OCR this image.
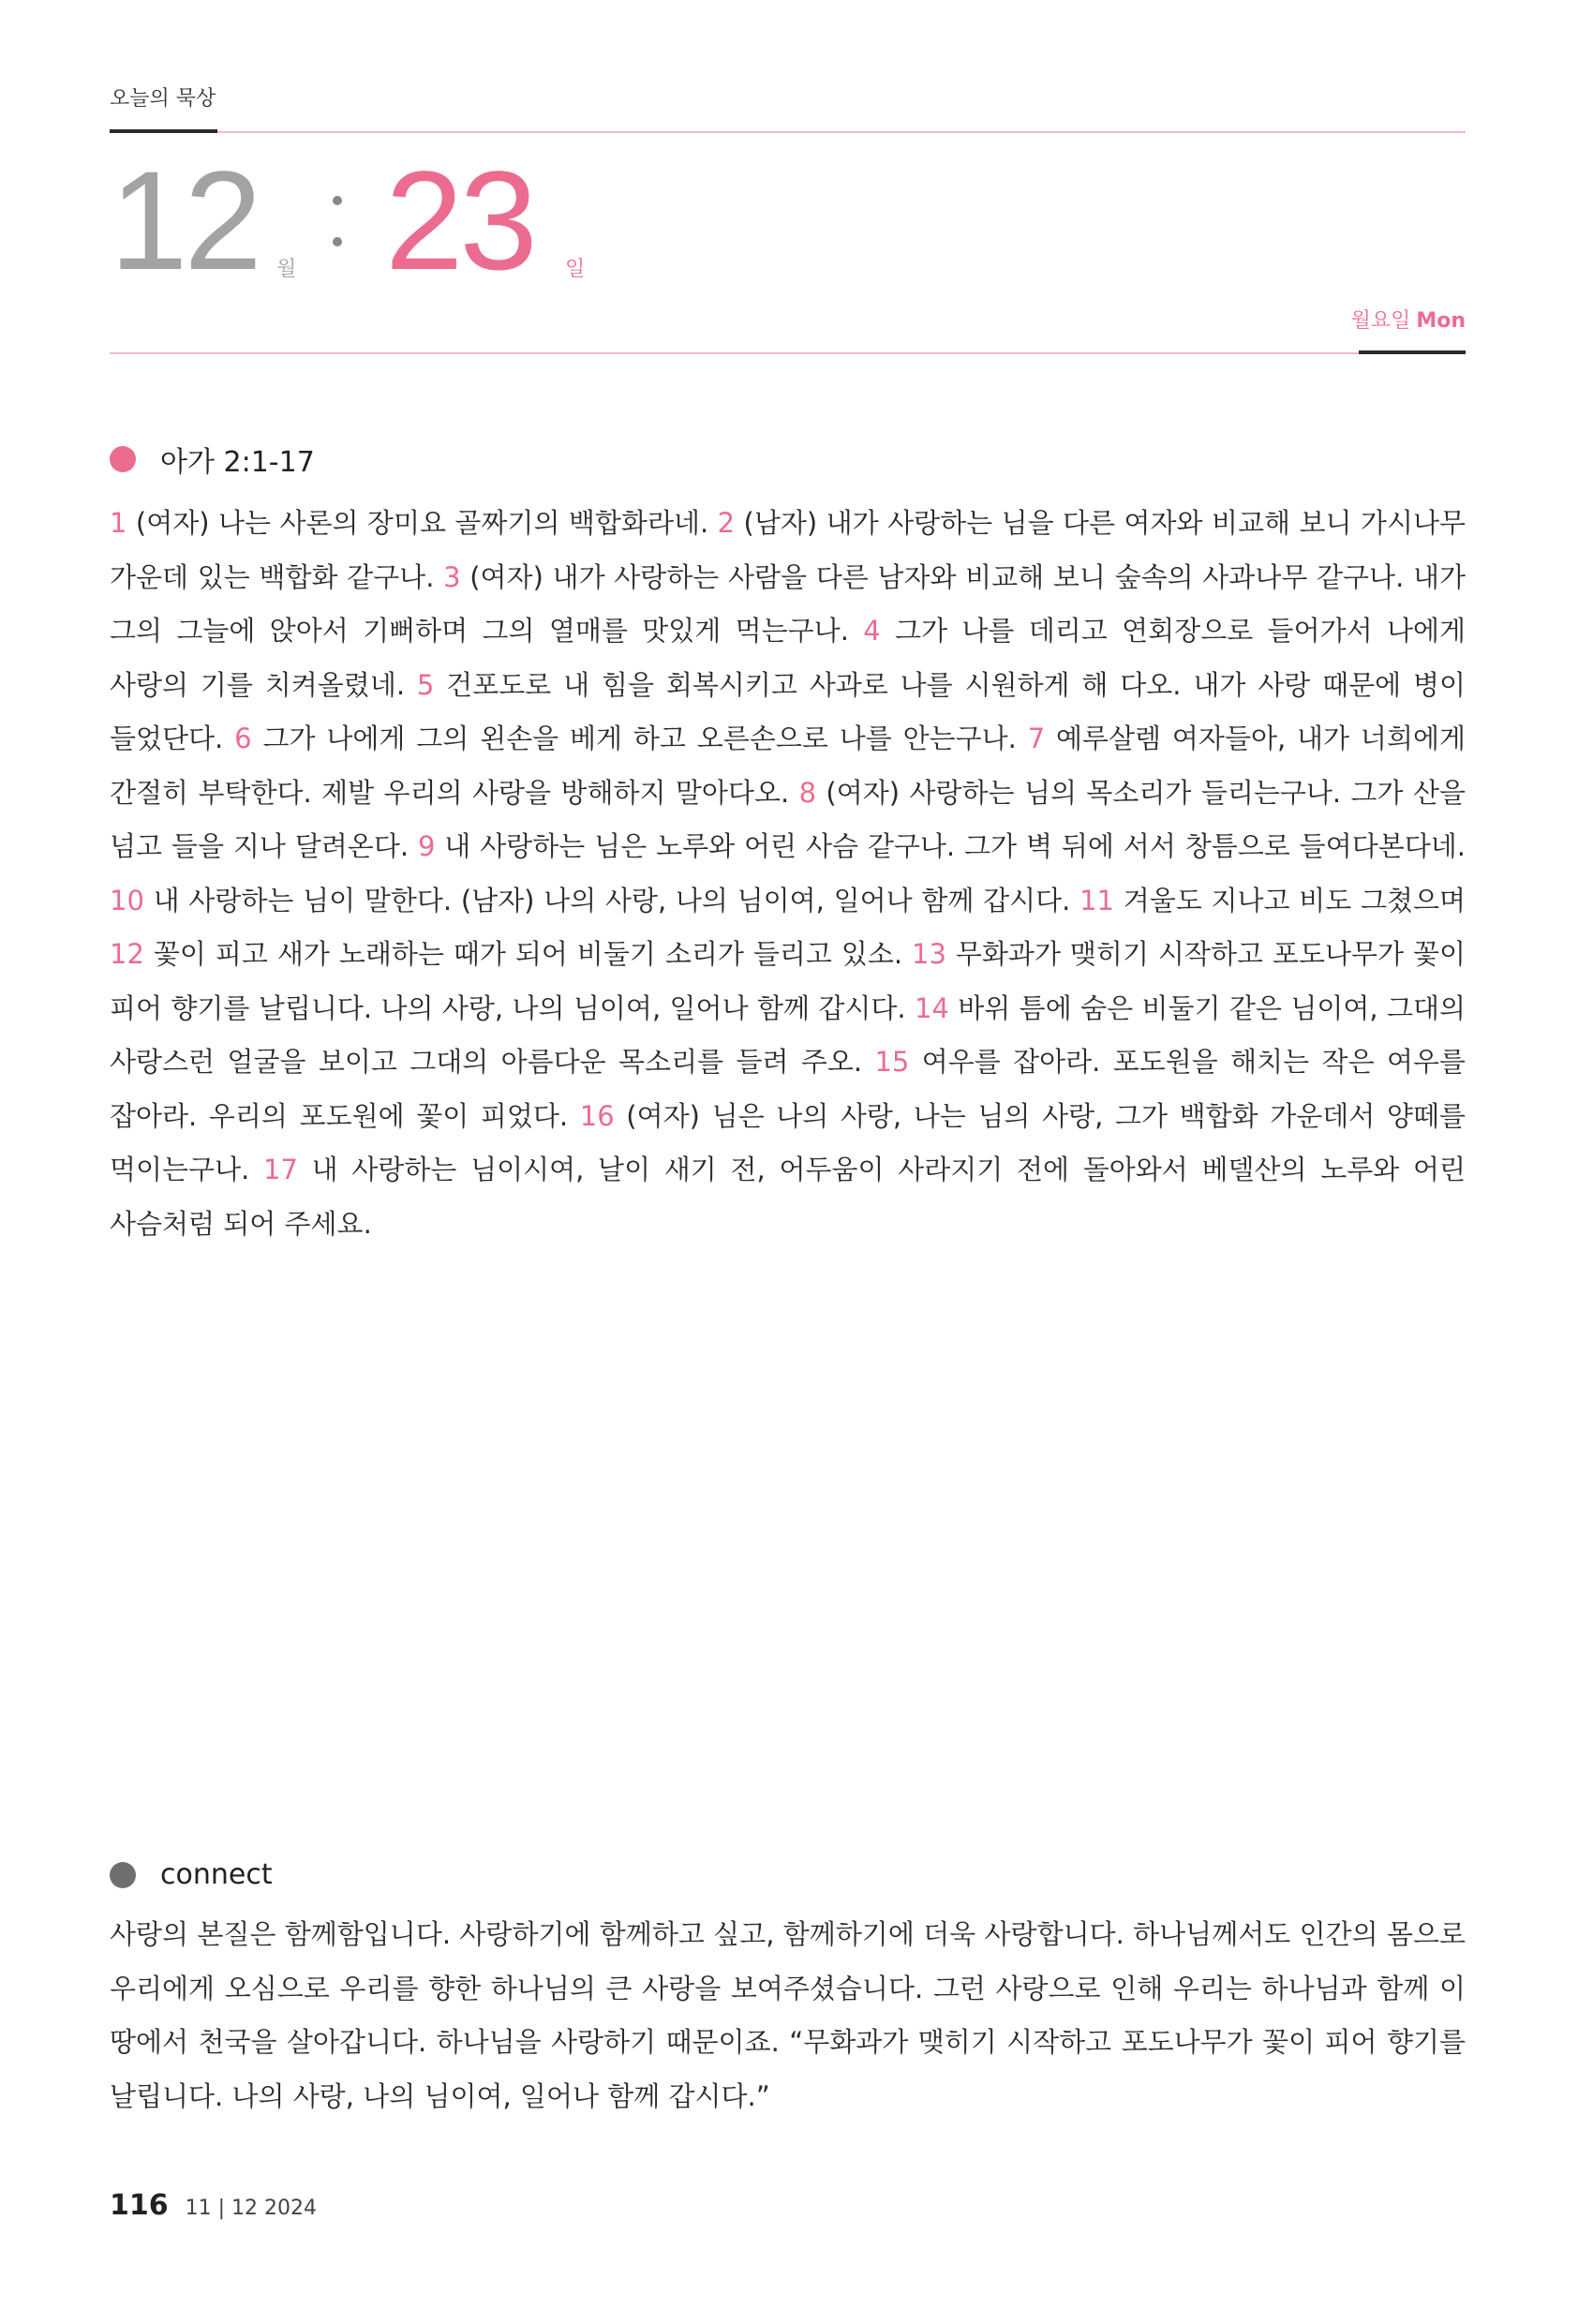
오늘의 묵상
12 월 23 일
월요일 Mon
아가 2:1-17
1 (여자) 나는 사론의 장미요 골짜기의 백합화라네. 2 (남자) 내가 사랑하는 님을 다른 여자와 비교해 보니 가시나무 가운데 있는 백합화 같구나. 3 (여자) 내가 사랑하는 사람을 다른 남자와 비교해 보니 숲속의 사과나무 같구나. 내가 그의 그늘에 앉아서 기뻐하며 그의 열매를 맛있게 먹는구나. 4 그가 나를 데리고 연회장으로 들어가서 나에게 사랑의 기를 치켜올렸네. 5 건포도로 내 힘을 회복시키고 사과로 나를 시원하게 해 다오. 내가 사랑 때문에 병이 들었단다. 6 그가 나에게 그의 왼손을 베게 하고 오른손으로 나를 안는구나. 7 예루살렘 여자들아, 내가 너희에게 간절히 부탁한다. 제발 우리의 사랑을 방해하지 말아다오. 8 (여자) 사랑하는 님의 목소리가 들리는구나. 그가 산을 넘고 들을 지나 달려온다. 9 내 사랑하는 님은 노루와 어린 사슴 같구나. 그가 벽 뒤에 서서 창틈으로 들여다본다네. 10 내 사랑하는 님이 말한다. (남자) 나의 사랑, 나의 님이여, 일어나 함께 갑시다. 11 겨울도 지나고 비도 그쳤으며 12 꽃이 피고 새가 노래하는 때가 되어 비둘기 소리가 들리고 있소. 13 무화과가 맺히기 시작하고 포도나무가 꽃이 피어 향기를 날립니다. 나의 사랑, 나의 님이여, 일어나 함께 갑시다. 14 바위 틈에 숨은 비둘기 같은 님이여, 그대의 사랑스런 얼굴을 보이고 그대의 아름다운 목소리를 들려 주오. 15 여우를 잡아라. 포도원을 해치는 작은 여우를 잡아라. 우리의 포도원에 꽃이 피었다. 16 (여자) 님은 나의 사랑, 나는 님의 사랑, 그가 백합화 가운데서 양떼를 먹이는구나. 17 내 사랑하는 님이시여, 날이 새기 전, 어두움이 사라지기 전에 돌아와서 베델산의 노루와 어린 사슴처럼 되어 주세요.
connect
사랑의 본질은 함께함입니다. 사랑하기에 함께하고 싶고, 함께하기에 더욱 사랑합니다. 하나님께서도 인간의 몸으로 우리에게 오심으로 우리를 향한 하나님의 큰 사랑을 보여주셨습니다. 그런 사랑으로 인해 우리는 하나님과 함께 이 땅에서 천국을 살아갑니다. 하나님을 사랑하기 때문이죠. “무화과가 맺히기 시작하고 포도나무가 꽃이 피어 향기를 날립니다. 나의 사랑, 나의 님이여, 일어나 함께 갑시다.”
116 11 | 12 2024
